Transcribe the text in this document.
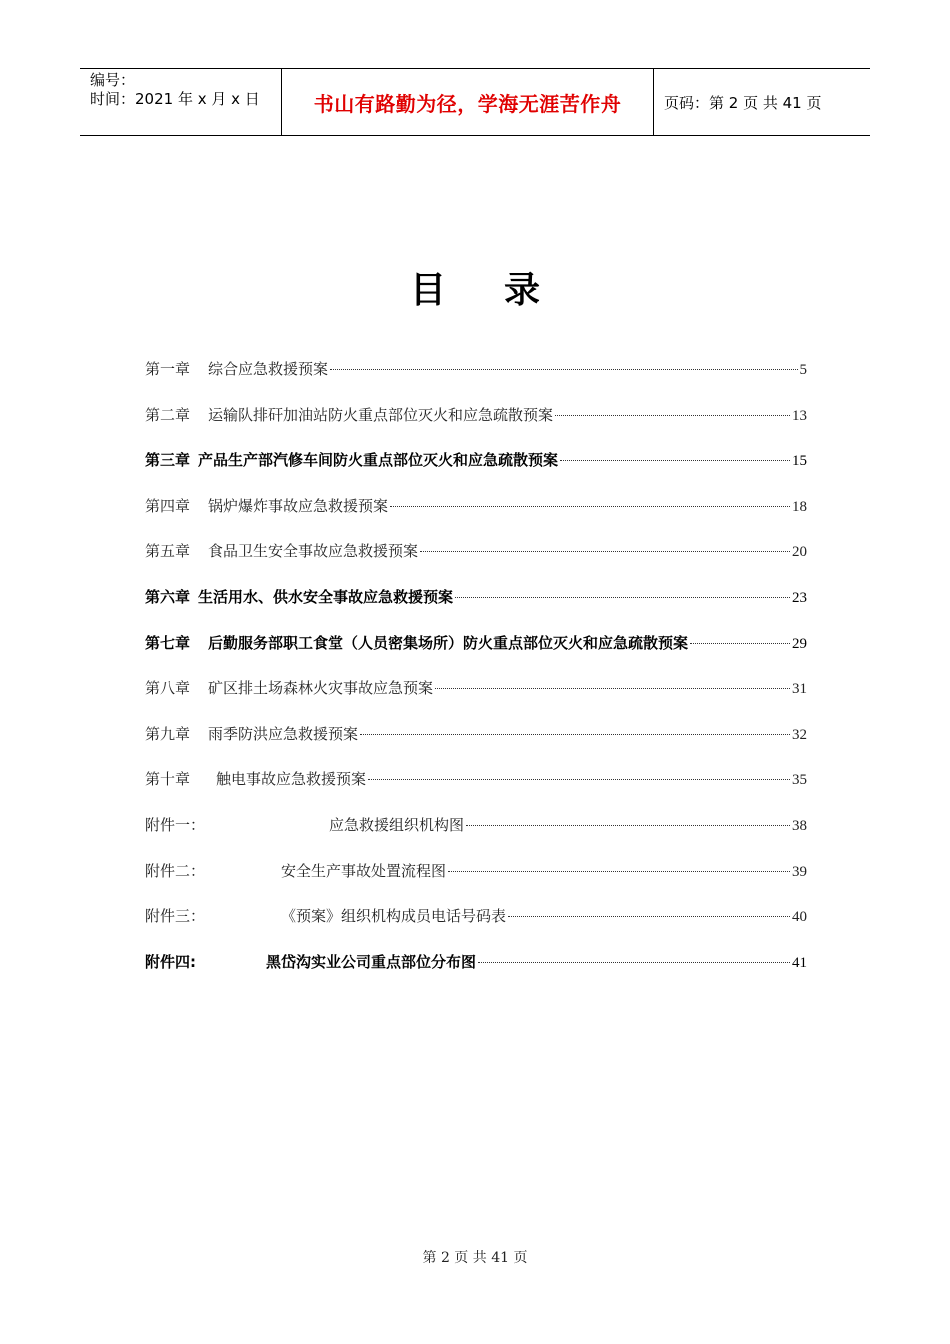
编号：
时间：2021 年 x 月 x 日	书山有路勤为径，学海无涯苦作舟	页码：第 2 页 共 41 页
目 录
第一章 综合应急救援预案	5
第二章 运输队排矸加油站防火重点部位灭火和应急疏散预案	13
第三章 产品生产部汽修车间防火重点部位灭火和应急疏散预案	15
第四章 锅炉爆炸事故应急救援预案	18
第五章 食品卫生安全事故应急救援预案	20
第六章 生活用水、供水安全事故应急救援预案	23
第七章 后勤服务部职工食堂（人员密集场所）防火重点部位灭火和应急疏散预案	29
第八章 矿区排土场森林火灾事故应急预案	31
第九章 雨季防洪应急救援预案	32
第十章 触电事故应急救援预案	35
附件一：	应急救援组织机构图	38
附件二：	安全生产事故处置流程图	39
附件三：	《预案》组织机构成员电话号码表	40
附件四:	黑岱沟实业公司重点部位分布图	41
第 2 页 共 41 页
